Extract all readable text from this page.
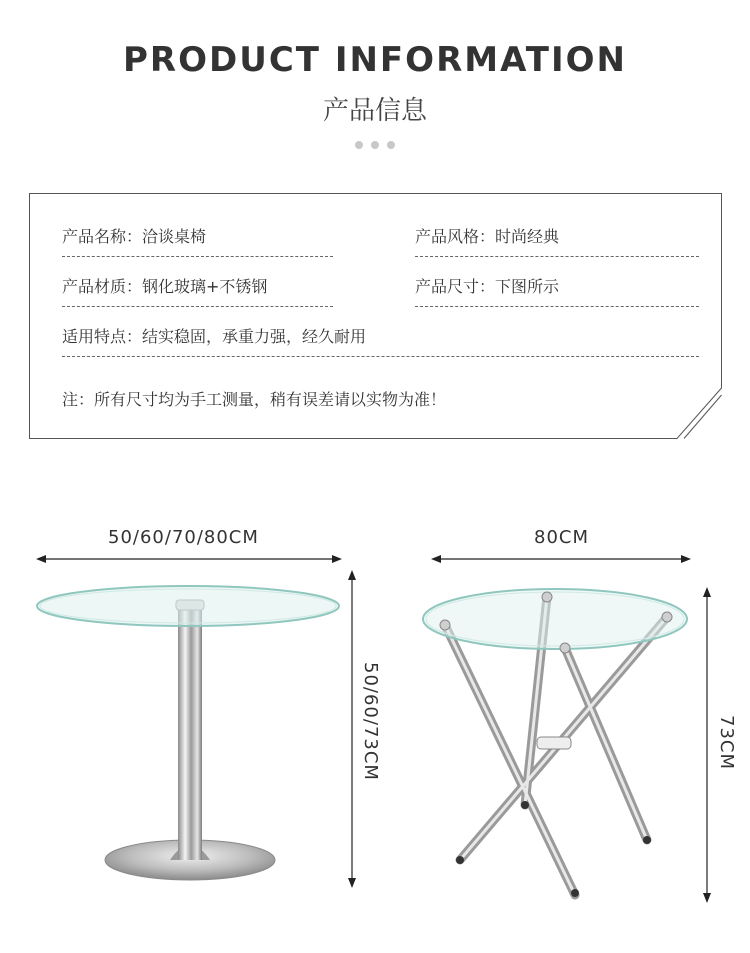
PRODUCT INFORMATION
产品信息
产品名称：洽谈桌椅	产品风格：时尚经典
产品材质：钢化玻璃+不锈钢	产品尺寸：下图所示
适用特点：结实稳固，承重力强，经久耐用
注：所有尺寸均为手工测量，稍有误差请以实物为准！
50/60/70/80CM
50/60/73CM
80CM
73CM
